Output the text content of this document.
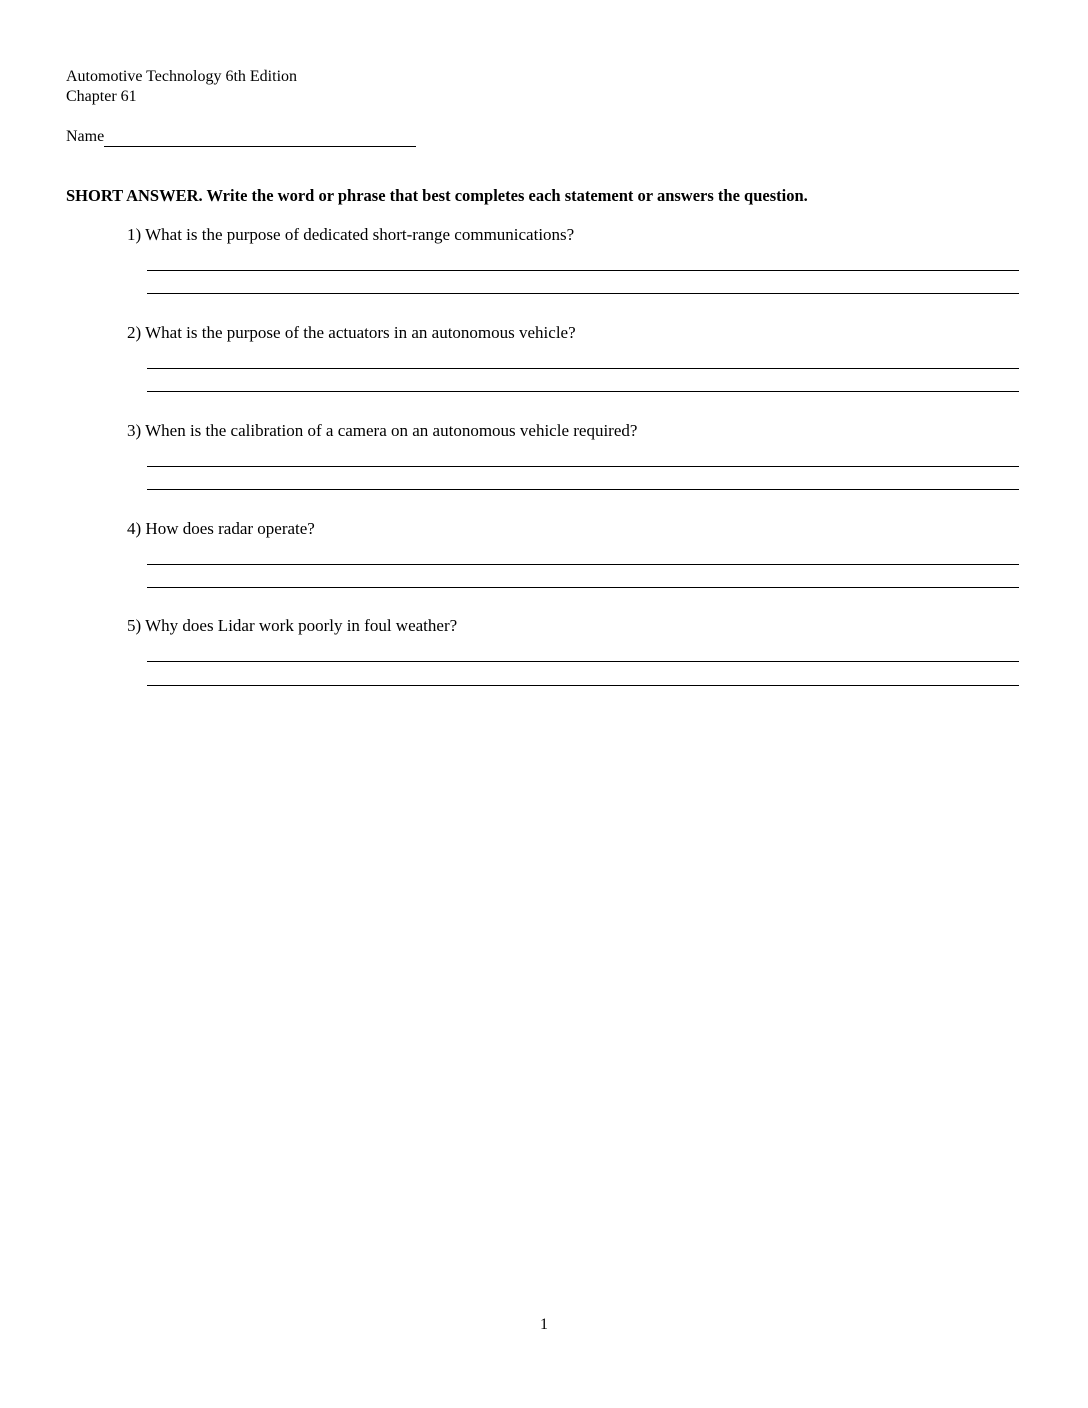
Automotive Technology 6th Edition
Chapter 61
Name
SHORT ANSWER. Write the word or phrase that best completes each statement or answers the question.
1) What is the purpose of dedicated short-range communications?
2) What is the purpose of the actuators in an autonomous vehicle?
3) When is the calibration of a camera on an autonomous vehicle required?
4) How does radar operate?
5) Why does Lidar work poorly in foul weather?
1
